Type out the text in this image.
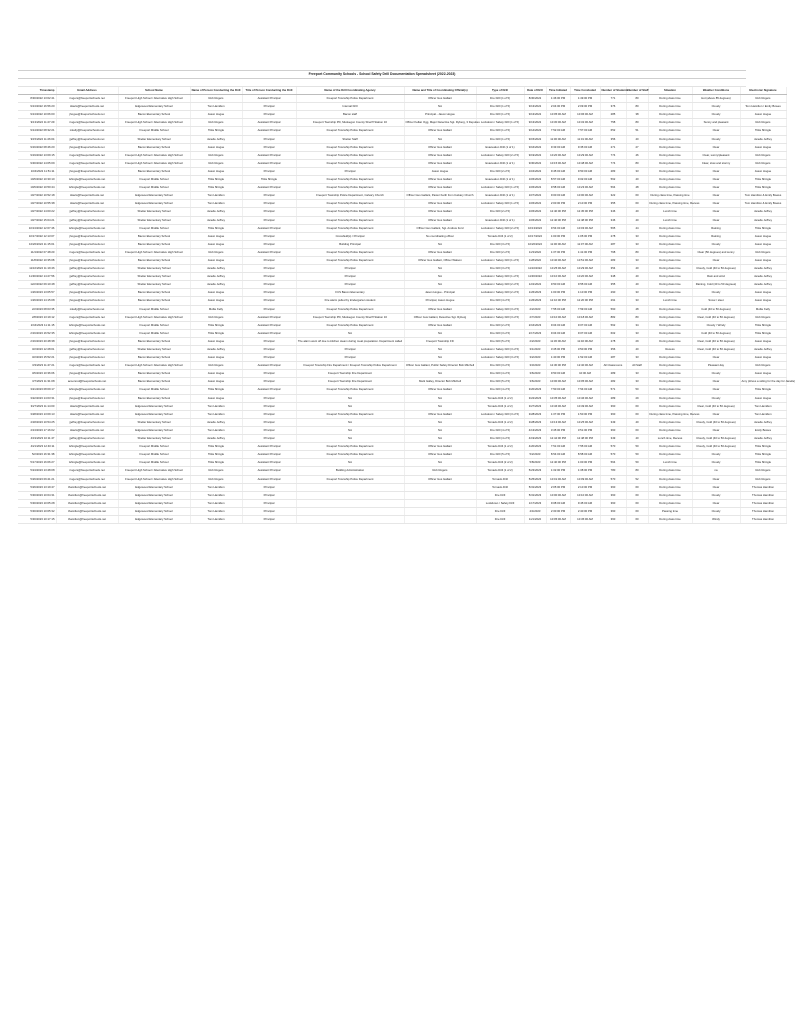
Freeport Community Schools - School Safety Drill Documentation Spreadsheet (2022-2023)
Timestamp	Email Address	School Name	Name of Person Conducting the Drill	Title of Person Conducting the Drill	Name of the Drill Coordinating Agency	Name and Title of Coordinating Official(s)	Type of Drill	Date of Drill	Time Initiated	Time Concluded	Number of Students	Number of Staff	Situation	Weather Conditions	Electronic Signature
8/30/2022 13:02:41	rrogers@freeportschools.net	Freeport High School / Alternative High School	Rob Rogers	Assistant Principal	Freeport Township Police Department	Officer Gus Gallant	Fire Drill (1 of 5)	8/30/2022	1:46:00 PM	1:49:00 PM	771	80	During class time	Hot (above 85 degrees)	Rob Rogers
9/13/2022 16:56:20	tdavis@freeportschools.net	Edgewood Elementary School	Tom Hamilton	Principal	Internal Drill	NA	Fire Drill (1 of 5)	9/13/2022	2:04:00 PM	2:09:00 PM	376	80	During class time	Cloudy	Tom Hamilton / Emily Bowes
9/13/2022 10:06:00	jhogue@freeportschools.net	Bacon Elementary School	Jason Hogue	Principal	Bacon staff	Principal - Jason Hogue	Fire Drill (1 of 5)	9/13/2022	10:05:00 AM	10:06:00 AM	285	38	During class time	Cloudy	Jason Hogue
9/13/2022 11:27:29	rrogers@freeportschools.net	Freeport High School / Alternative High School	Rob Rogers	Assistant Principal	Freeport Township PD, Muskegon County Sheriff Station 16	Officer Kellan Ogg, Major Detective Sgt. Ryberg, 3 Deputies	Lockdown / Safety Drill (1 of 5)	9/13/2022	10:30:00 AM	10:32:00 AM	758	80	During class time	Sunny and pleasant	Rob Rogers
9/14/2022 08:32:21	mkelly@freeportschools.net	Freeport Middle School	Tilda Shingle	Assistant Principal	Freeport Township Police Department	Officer Gus Gallant	Fire Drill (1 of 5)	9/14/2022	7:52:00 AM	7:57:00 AM	652	51	During class time	Clear	Tilda Shingle
9/15/2022 11:26:04	jjeffrey@freeportschools.net	Shelter Elementary School	Janelle Jeffrey	Principal	Shelter Staff	NA	Fire Drill (1 of 5)	9/15/2022	11:00:00 AM	11:01:00 AM	356	40	During class time	Cloudy	Janelle Jeffrey
9/16/2022 08:46:20	jhogue@freeportschools.net	Bacon Elementary School	Jason Hogue	Principal	Freeport Township Police Department	Officer Gus Gallant	Evacuation Drill (1 of 1)	9/16/2022	9:33:00 AM	9:35:00 AM	271	27	During class time	Clear	Jason Hogue
9/19/2022 13:09:15	rrogers@freeportschools.net	Freeport High School / Alternative High School	Rob Rogers	Assistant Principal	Freeport Township Police Department	Officer Gus Gallant	Lockdown / Safety Drill (2 of 5)	9/19/2022	10:20:00 AM	10:29:00 AM	774	46	During class time	Clear, sunny/pleasant	Rob Rogers
9/30/2022 14:05:09	rrogers@freeportschools.net	Freeport High School / Alternative High School	Rob Rogers	Assistant Principal	Freeport Township Police Department	Officer Gus Gallant	Evacuation Drill (1 of 1)	9/30/2022	10:15:00 AM	10:48:00 AM	774	80	During class time	Clear, slow and stormy	Rob Rogers
10/4/2022 11:51:11	jhogue@freeportschools.net	Bacon Elementary School	Jason Hogue	Principal	Principal	Jason Hogue	Fire Drill (2 of 5)	10/4/2022	9:45:00 AM	9:50:00 AM	283	33	During class time	Clear	Jason Hogue
10/6/2022 10:30:10	tshingle@freeportschools.net	Freeport Middle School	Tilda Shingle	Tilda Shingle	Freeport Township Police Department	Officer Gus Gallant	Evacuation Drill (1 of 1)	10/6/2022	8:57:00 AM	9:02:00 AM	562	40	During class time	Clear	Tilda Shingle
10/6/2022 10:50:44	tshingle@freeportschools.net	Freeport Middle School	Tilda Shingle	Assistant Principal	Freeport Township Police Department	Officer Gus Gallant	Lockdown / Safety Drill (1 of 5)	10/6/2022	9:58:00 AM	10:23:00 AM	564	48	During class time	Clear	Tilda Shingle
10/7/2022 10:52:18	tdavis@freeportschools.net	Edgewood Elementary School	Tom Hamilton	Principal	Freeport Township Police Department, Calvary Church	Officer Gus Gallant, Pastor Keith from Calvary Church	Evacuation Drill (1 of 1)	10/7/2022	9:00:00 AM	10:00:00 AM	322	60	During class time, Passing time	Clear	Tom Hamilton & Emily Bowes
10/7/2022 10:55:38	tdavis@freeportschools.net	Edgewood Elementary School	Tom Hamilton	Principal	Freeport Township Police Department	Officer Gus Gallant	Lockdown / Safety Drill (1 of 5)	10/6/2022	2:00:00 PM	2:10:00 PM	355	60	During class time, Passing time, Recess	Clear	Tom Hamilton & Emily Bowes
10/7/2022 14:00:22	jjeffrey@freeportschools.net	Shelter Elementary School	Janelle Jeffrey	Principal	Freeport Township Police Department	Officer Gus Gallant	Fire Drill (2 of 5)	10/6/2022	12:40:00 PM	12:45:00 PM	346	40	Lunch time	Clear	Janelle Jeffrey
10/7/2022 15:04:21	jjeffrey@freeportschools.net	Shelter Elementary School	Janelle Jeffrey	Principal	Freeport Township Police Department	Officer Gus Gallant	Evacuation Drill (1 of 1)	10/6/2022	12:40:00 PM	12:48:00 PM	346	40	Lunch time	Clear	Janelle Jeffrey
10/13/2022 12:07:46	tshingle@freeportschools.net	Freeport Middle School	Tilda Shingle	Assistant Principal	Freeport Township Police Department	Officer Gus Gallant, Sgt. Andrew Ford	Lockdown / Safety Drill (2 of 5)	10/13/2022	9:54:00 AM	10:03:00 AM	565	44	During class time	Raining	Tilda Shingle
10/17/2022 12:13:07	jhogue@freeportschools.net	Bacon Elementary School	Jason Hogue	Principal	Crossfield(s) / Principal	No coordinating officer	Tornado Drill (1 of 2)	10/17/2022	1:00:00 PM	1:05:00 PM	278	33	During class time	Raining	Jason Hogue
10/20/2022 11:15:01	jhogue@freeportschools.net	Bacon Elementary School	Jason Hogue	Principal	Building Principal	NA	Fire Drill (3 of 5)	10/20/2022	11:00:00 AM	11:07:00 AM	287	33	During class time	Cloudy	Jason Hogue
11/4/2022 07:48:20	rrogers@freeportschools.net	Freeport High School / Alternative High School	Rob Rogers	Assistant Principal	Freeport Township Police Department	Officer Gus Gallant	Fire Drill (2 of 5)	11/3/2022	1:37:00 PM	1:41:00 PM	768	80	During class time	Clear (50 degrees) and sunny	Rob Rogers
11/8/2022 10:35:08	jhogue@freeportschools.net	Bacon Elementary School	Jason Hogue	Principal	Freeport Township Police Department	Officer Gus Gallant, Officer Watson	Lockdown / Safety Drill (1 of 5)	11/8/2022	10:40:00 AM	10:51:00 AM	283	33	During class time	Clear	Jason Hogue
11/10/2022 11:19:46	jjeffrey@freeportschools.net	Shelter Elementary School	Janelle Jeffrey	Principal	Principal	NA	Fire Drill (3 of 5)	11/10/2022	10:25:00 AM	10:29:00 AM	354	40	During class time	Cloudy, Cold (40 to 50 degrees)	Janelle Jeffrey
11/30/2022 14:27:56	jjeffrey@freeportschools.net	Shelter Elementary School	Janelle Jeffrey	Principal	Principal	NA	Lockdown / Safety Drill (1 of 5)	11/30/2022	10:10:00 AM	10:20:00 AM	348	40	During class time	Rain and wind	Janelle Jeffrey
12/2/2022 09:10:48	jjeffrey@freeportschools.net	Shelter Elementary School	Janelle Jeffrey	Principal	Principal	NA	Lockdown / Safety Drill (2 of 5)	12/2/2022	9:50:00 AM	9:55:00 AM	355	40	During class time	Raining, Cold (40 to 50 degrees)	Janelle Jeffrey
1/26/2023 13:05:57	jhogue@freeportschools.net	Bacon Elementary School	Jason Hogue	Principal	FCS Bacon Elementary	Jason Hogue - Principal	Lockdown / Safety Drill (2 of 5)	1/26/2023	1:00:00 PM	1:10:00 PM	290	33	During class time	Cloudy	Jason Hogue
1/26/2023 14:15:08	jhogue@freeportschools.net	Bacon Elementary School	Jason Hogue	Principal	Fire alarm pulled by kindergarten student	Principal, Jason Hogue	Fire Drill (4 of 5)	1/26/2023	12:10:00 PM	12:20:00 PM	291	33	Lunch time	Snow / sleet	Jason Hogue
2/2/2023 08:03:35	mkelly@freeportschools.net	Freeport Middle School	Mollie Kelly	Principal	Freeport Township Police Department	Officer Gus Gallant	Lockdown / Safety Drill (3 of 5)	2/2/2023	7:55:00 AM	7:59:00 AM	560	48	During class time	Cold (40 to 50 degrees)	Mollie Kelly
2/8/2023 13:19:12	rrogers@freeportschools.net	Freeport High School / Alternative High School	Rob Rogers	Assistant Principal	Freeport Township PD, Muskegon County Sheriff Station 16	Officer Gus Gallant, Detective Sgt. Ryberg	Lockdown / Safety Drill (3 of 5)	2/7/2023	10:10:00 AM	10:18:00 AM	882	80	During class time	Clear, Cold (40 to 50 degrees)	Rob Rogers
2/16/2023 11:11:15	tshingle@freeportschools.net	Freeport Middle School	Tilda Shingle	Assistant Principal	Freeport Township Police Department	Officer Gus Gallant	Fire Drill (2 of 5)	2/16/2023	9:04:00 AM	9:07:00 AM	562	34	During class time	Cloudy / Windy	Tilda Shingle
2/16/2023 16:52:35	tshingle@freeportschools.net	Freeport Middle School	Tilda Shingle	Assistant Principal	NA	NA	Fire Drill (3 of 5)	2/17/2023	9:04:00 AM	9:07:00 AM	602	33	During class time	Cold (40 to 50 degrees)	Tilda Shingle
2/16/2023 20:48:38	jhogue@freeportschools.net	Bacon Elementary School	Jason Hogue	Principal	The alarm went off due to kitchen steam during meal preparation. Department called	Freeport Township FD	Fire Drill (5 of 5)	2/2/2023	11:30:00 AM	11:40:00 AM	278	29	During class time	Clear, Cold (40 to 50 degrees)	Jason Hogue
3/2/2023 12:28:01	jjeffrey@freeportschools.net	Shelter Elementary School	Janelle Jeffrey	Principal	Principal	NA	Lockdown / Safety Drill (3 of 5)	3/1/2023	3:45:00 PM	3:50:00 PM	356	40	Recess	Clear, Cold (40 to 50 degrees)	Janelle Jeffrey
3/2/2023 15:52:21	jhogue@freeportschools.net	Bacon Elementary School	Jason Hogue	Principal	Principal	NA	Lockdown / Safety Drill (3 of 5)	3/2/2023	1:40:00 PM	1:52:00 AM	287	33	During class time	Clear	Jason Hogue
3/3/2023 11:47:21	rrogers@freeportschools.net	Freeport High School / Alternative High School	Rob Rogers	Assistant Principal	Freeport Township Fire Department / Freeport Township Police Department	Officer Gus Gallant, Public Safety Director Bob Mitchell	Fire Drill (3 of 5)	3/3/2023	12:30:00 PM	12:40:00 AM	All Classrooms	All Staff	During class time	Pleasant day	Rob Rogers
3/6/2023 10:36:06	jhogue@freeportschools.net	Bacon Elementary School	Jason Hogue	Principal	Freeport Township Fire Department	NA	Fire Drill (4 of 5)	3/6/2023	9:50:00 AM	10:00 AM	289	33	During class time	Cloudy	Jason Hogue
3/7/2023 11:31:08	acoonrod@freeportschools.net	Bacon Elementary School	Jason Hogue	Principal	Freeport Township Fire Department	Mark Galley, Director Bob Mitchell	Fire Drill (5 of 5)	3/6/2023	10:00:00 AM	10:05:00 AM	282	33	During class time	Clear	Amy (drives a siding for the day for Janelle)
3/21/2023 08:09:17	tshingle@freeportschools.net	Freeport Middle School	Tilda Shingle	Assistant Principal	Freeport Township Police Department	Officer Gus Gallant	Fire Drill (4 of 5)	3/20/2023	7:50:00 AM	7:54:00 AM	571	50	During class time	Clear	Tilda Shingle
3/22/2023 14:03:31	jhogue@freeportschools.net	Bacon Elementary School	Jason Hogue	Principal	NA	NA	Tornado Drill (1 of 2)	3/22/2023	10:35:00 AM	10:46:00 AM	289	29	During class time	Cloudy	Jason Hogue
3/27/2023 11:14:00	tdavis@freeportschools.net	Edgewood Elementary School	Tom Hamilton	Principal	NA	NA	Tornado Drill (1 of 2)	3/27/2023	10:46:00 AM	10:49:00 AM	360	60	During class time	Clear, Cold (40 to 50 degrees)	Tom Hamilton
3/28/2023 13:09:13	tdavis@freeportschools.net	Edgewood Elementary School	Tom Hamilton	Principal	Freeport Township Police Department	Officer Gus Gallant	Lockdown / Safety Drill (3 of 5)	3/28/2023	1:37:00 PM	1:50:00 PM	360	60	During class time, Passing time, Recess	Clear	Tom Hamilton
4/18/2023 10:54:25	jjeffrey@freeportschools.net	Shelter Elementary School	Janelle Jeffrey	Principal	NA	NA	Tornado Drill (1 of 2)	3/28/2023	10:13:00 AM	10:25:00 AM	349	40	During class time	Cloudy, Cold (40 to 50 degrees)	Janelle Jeffrey
4/13/2023 17:16:02	tdavis@freeportschools.net	Edgewood Elementary School	Tom Hamilton	Principal	NA	NA	Fire Drill (4 of 5)	4/13/2023	3:45:00 PM	3:51:00 PM	360	60	During class time	Clear	Emily Bowes
4/19/2023 10:11:47	jjeffrey@freeportschools.net	Shelter Elementary School	Janelle Jeffrey	Principal	NA	NA	Fire Drill (4 of 5)	4/19/2023	12:44:00 PM	12:48:00 PM	349	40	Lunch time, Recess	Cloudy, Cold (40 to 50 degrees)	Janelle Jeffrey
4/21/2023 12:40:11	tshingle@freeportschools.net	Freeport Middle School	Tilda Shingle	Assistant Principal	Freeport Township Police Department	Officer Gus Gallant	Tornado Drill (1 of 2)	4/20/2023	7:51:00 AM	7:55:00 AM	570	50	During class time	Cloudy, Cold (40 to 50 degrees)	Tilda Shingle
5/2/2023 16:31:38	tshingle@freeportschools.net	Freeport Middle School	Tilda Shingle	Assistant Principal	Freeport Township Police Department	Officer Gus Gallant	Fire Drill (5 of 5)	5/2/2023	8:54:00 AM	8:58:00 AM	570	50	During class time	Cloudy	Tilda Shingle
5/17/2023 16:06:27	tshingle@freeportschools.net	Freeport Middle School	Tilda Shingle	Assistant Principal	NA	NA	Tornado Drill (2 of 2)	5/8/2023	12:40:00 PM	1:00:00 PM	564	50	Lunch time	Cloudy	Tilda Shingle
5/24/2023 13:48:08	rrogers@freeportschools.net	Freeport High School / Alternative High School	Rob Rogers	Assistant Principal	Building Administration	Rob Rogers	Tornado Drill (1 of 2)	5/23/2023	1:32:00 PM	1:38:00 PM	780	80	During class time	na	Rob Rogers
5/26/2023 09:41:21	rrogers@freeportschools.net	Freeport High School / Alternative High School	Rob Rogers	Assistant Principal	Freeport Township Police Department	Officer Gus Gallant	Tornado Drill	5/25/2023	10:01:00 AM	10:09:00 AM	570	52	During class time	Clear	Rob Rogers
5/26/2023 13:19:47	thamilton@freeportschools.net	Edgewood Elementary School	Tom Hamilton	Principal			Tornado Drill	5/31/2023	2:05:00 PM	2:10:00 PM	360	60	During class time	Clear	Thomas Hamilton
5/30/2023 10:04:31	thamilton@freeportschools.net	Edgewood Elementary School	Tom Hamilton	Principal			Fire Drill	5/31/2023	10:00:00 AM	10:10:00 AM	360	60	During class time	Cloudy	Thomas Hamilton
5/30/2023 10:05:28	thamilton@freeportschools.net	Edgewood Elementary School	Tom Hamilton	Principal			Lockdown / Safety Drill	1/17/2023	9:08:00 AM	9:45:00 AM	360	60	During class time	Clear	Thomas Hamilton
5/30/2023 10:05:32	thamilton@freeportschools.net	Edgewood Elementary School	Tom Hamilton	Principal			Fire Drill	4/4/2023	2:30:00 PM	2:40:00 PM	360	60	Passing time	Cloudy	Thomas Hamilton
5/30/2023 10:17:15	thamilton@freeportschools.net	Edgewood Elementary School	Tom Hamilton	Principal			Fire Drill	11/1/2022	10:05:00 AM	10:45:00 AM	360	60	During class time	Windy	Thomas Hamilton
